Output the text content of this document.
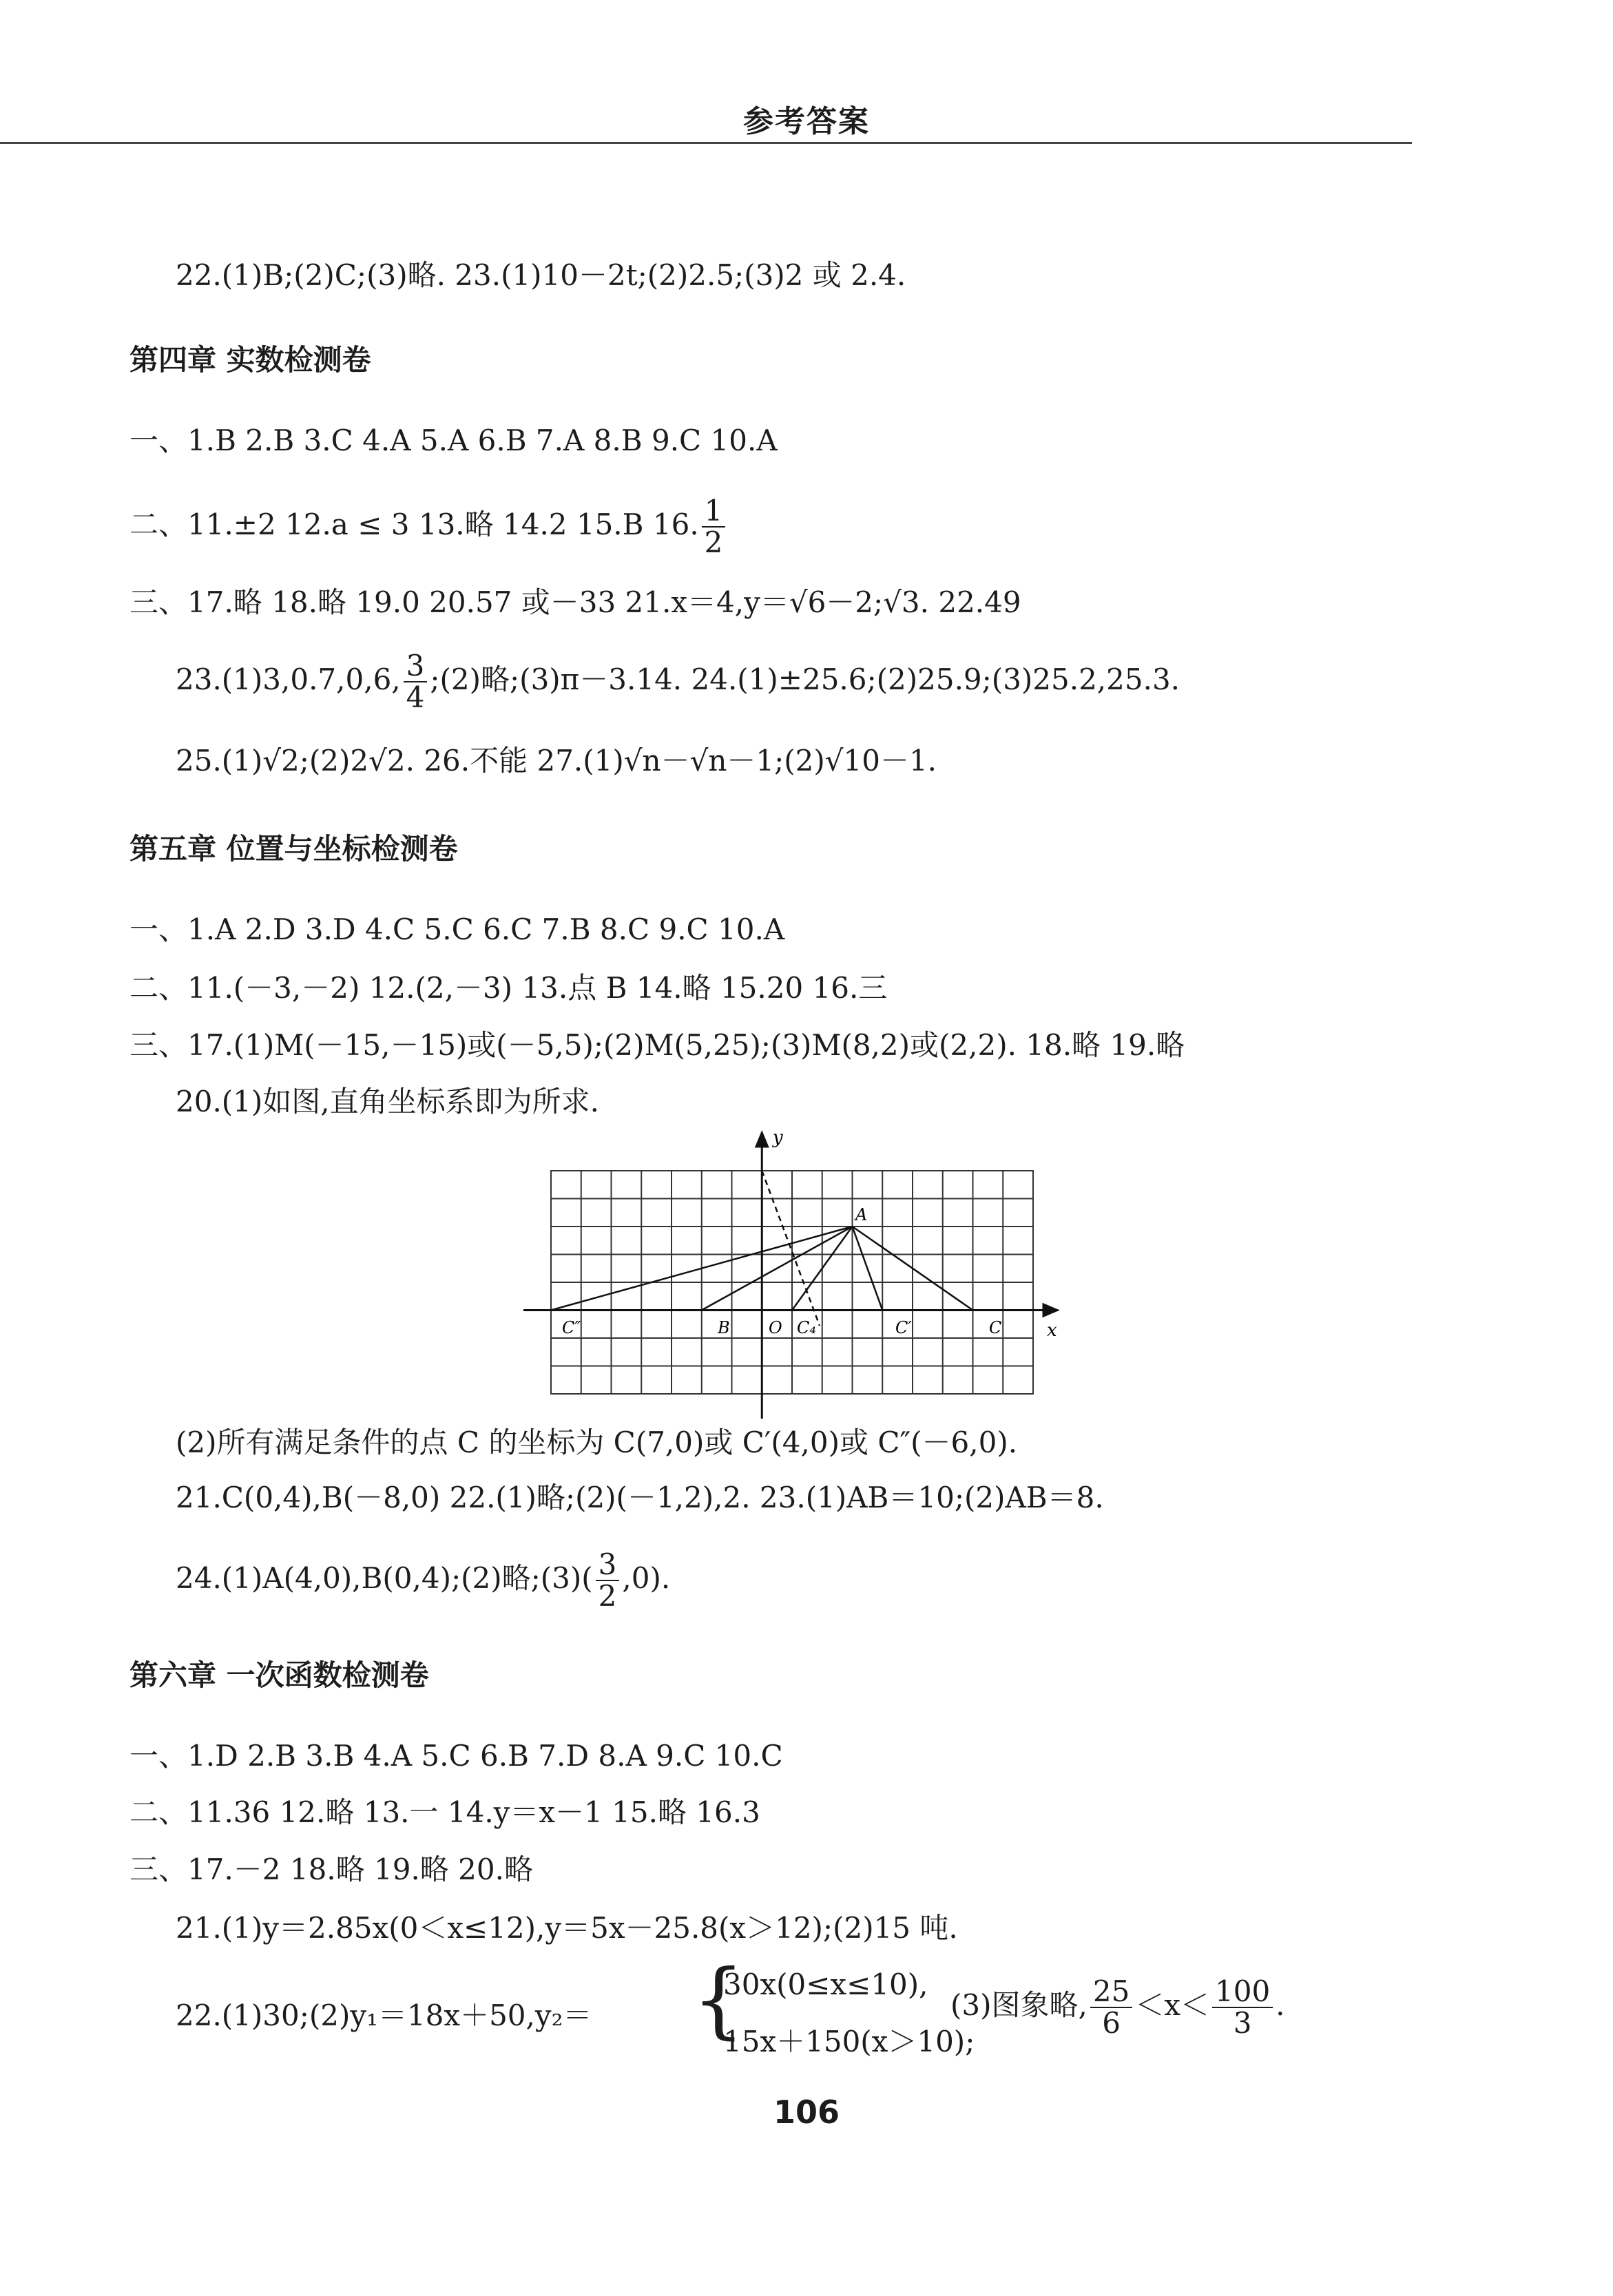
参考答案
22.(1)B;(2)C;(3)略. 23.(1)10－2t;(2)2.5;(3)2 或 2.4.
第四章 实数检测卷
一、1.B 2.B 3.C 4.A 5.A 6.B 7.A 8.B 9.C 10.A
二、11.±2 12.a ≤ 3 13.略 14.2 15.B 16. $\frac{1}{2}$
三、17.略 18.略 19.0 20.57 或－33 21.x＝4,y＝√6－2;√3. 22.49
23.(1)3,0.7,0,6, $\frac{3}{4}$ ;(2)略;(3)π－3.14. 24.(1)±25.6;(2)25.9;(3)25.2,25.3.
25.(1)√2;(2)2√2. 26.不能 27.(1)√n－√n－1;(2)√10－1.
第五章 位置与坐标检测卷
一、1.A 2.D 3.D 4.C 5.C 6.C 7.B 8.C 9.C 10.A
二、11.(－3,－2) 12.(2,－3) 13.点 B 14.略 15.20 16.三
三、17.(1)M(－15,－15)或(－5,5);(2)M(5,25);(3)M(8,2)或(2,2). 18.略 19.略
20.(1)如图,直角坐标系即为所求.
y
x
A
B O C₄	C′	C
C″
(2)所有满足条件的点 C 的坐标为 C(7,0)或 C′(4,0)或 C″(－6,0).
21.C(0,4),B(－8,0) 22.(1)略;(2)(－1,2),2. 23.(1)AB＝10;(2)AB＝8.
24.(1)A(4,0),B(0,4);(2)略;(3)( $\frac{3}{2} ,0$).
第六章 一次函数检测卷
一、1.D 2.B 3.B 4.A 5.C 6.B 7.D 8.A 9.C 10.C
二、11.36 12.略 13.一 14.y＝x－1 15.略 16.3
三、17.－2 18.略 19.略 20.略
21.(1)y＝2.85x(0＜x≤12),y＝5x－25.8(x＞12);(2)15 吨.
22.(1)30;(2)y₁＝18x＋50,y₂＝ {
30x(0≤x≤10),
15x＋150(x＞10);
(3)图象略, $\frac{25}{6} <x< \frac{100}{3}$ .
106
